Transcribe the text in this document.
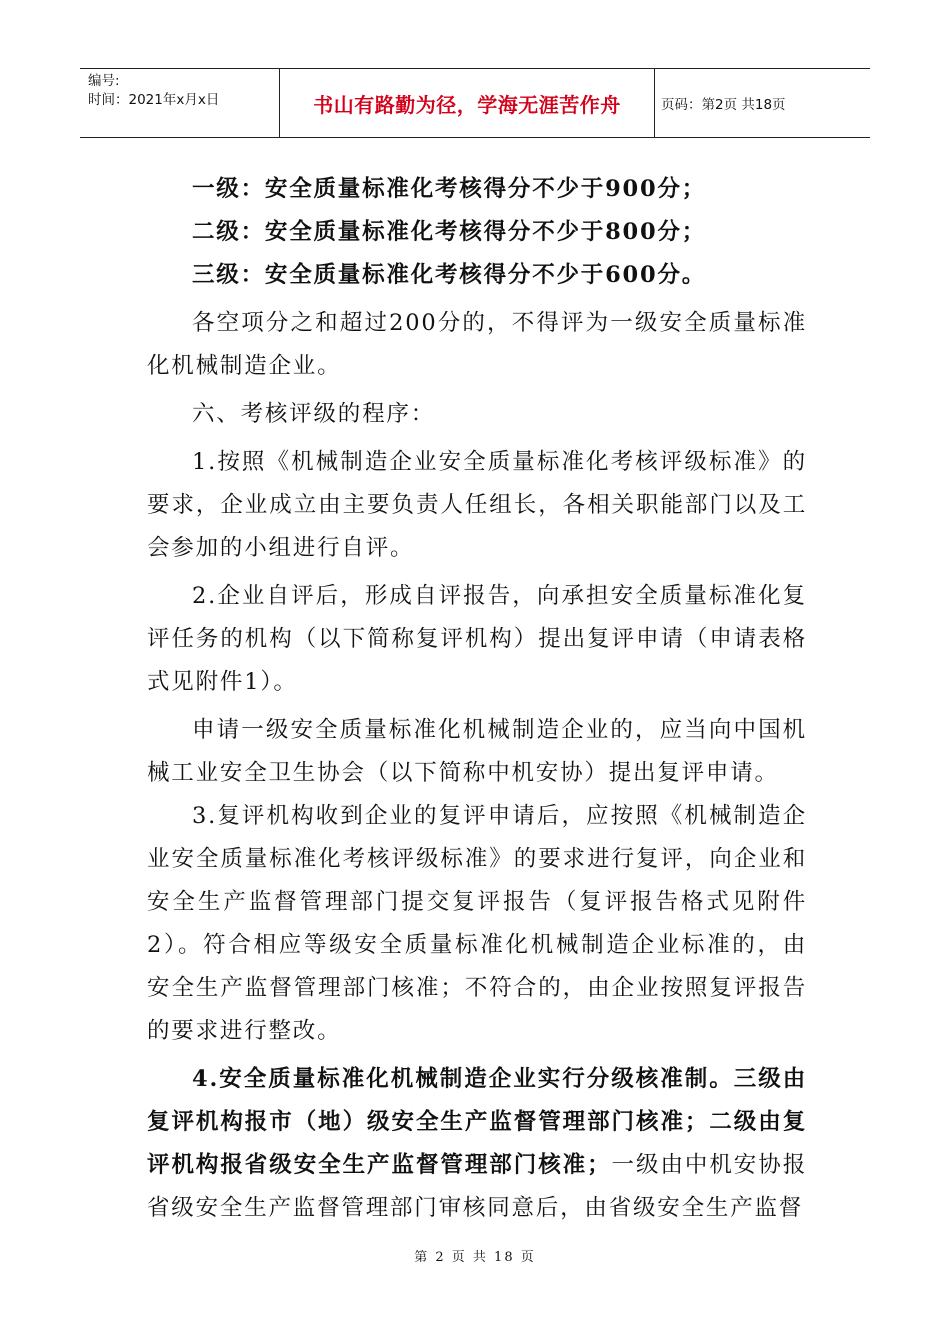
编号:
时间：2021年x月x日	书山有路勤为径，学海无涯苦作舟	页码：第2页 共18页

一级：安全质量标准化考核得分不少于900分；

二级：安全质量标准化考核得分不少于800分；

三级：安全质量标准化考核得分不少于600分。

各空项分之和超过200分的，不得评为一级安全质量标准化机械制造企业。

六、考核评级的程序：

1.按照《机械制造企业安全质量标准化考核评级标准》的要求，企业成立由主要负责人任组长，各相关职能部门以及工会参加的小组进行自评。

2.企业自评后，形成自评报告，向承担安全质量标准化复评任务的机构（以下简称复评机构）提出复评申请（申请表格式见附件1）。

申请一级安全质量标准化机械制造企业的，应当向中国机械工业安全卫生协会（以下简称中机安协）提出复评申请。

3.复评机构收到企业的复评申请后，应按照《机械制造企业安全质量标准化考核评级标准》的要求进行复评，向企业和安全生产监督管理部门提交复评报告（复评报告格式见附件2）。符合相应等级安全质量标准化机械制造企业标准的，由安全生产监督管理部门核准；不符合的，由企业按照复评报告的要求进行整改。

4.安全质量标准化机械制造企业实行分级核准制。三级由复评机构报市（地）级安全生产监督管理部门核准；二级由复评机构报省级安全生产监督管理部门核准；一级由中机安协报省级安全生产监督管理部门审核同意后，由省级安全生产监督

第 2 页 共 18 页
